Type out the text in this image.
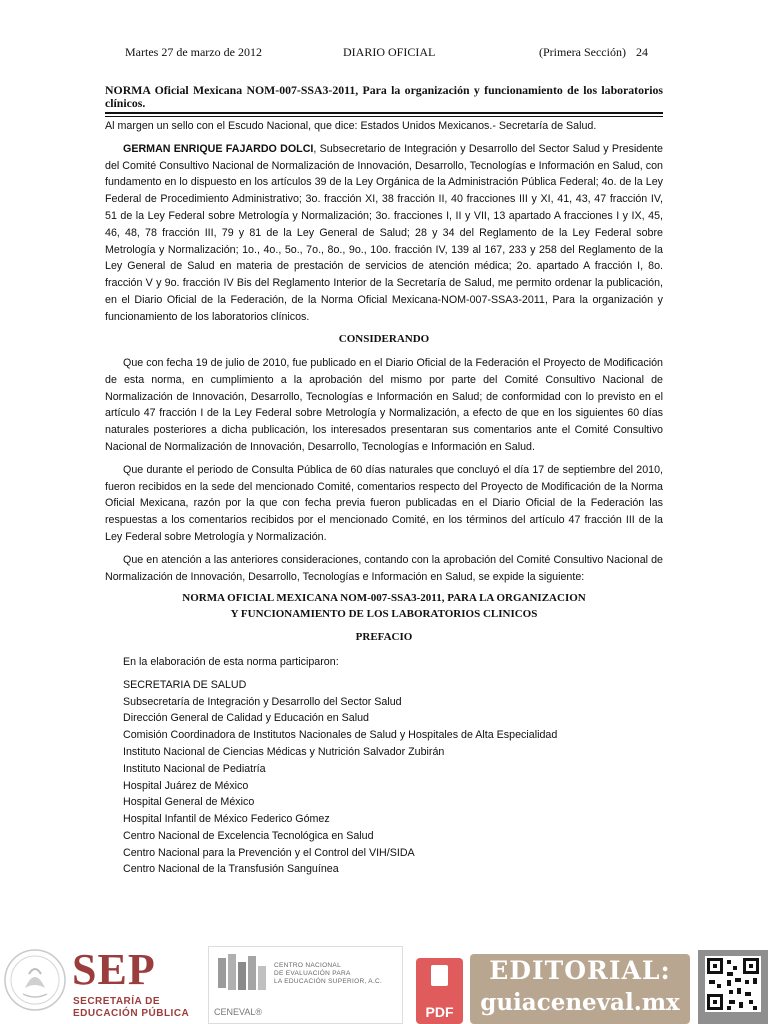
Martes 27 de marzo de 2012	DIARIO OFICIAL	(Primera Sección) 24
NORMA Oficial Mexicana NOM-007-SSA3-2011, Para la organización y funcionamiento de los laboratorios clínicos.

Al margen un sello con el Escudo Nacional, que dice: Estados Unidos Mexicanos.- Secretaría de Salud.

GERMAN ENRIQUE FAJARDO DOLCI, Subsecretario de Integración y Desarrollo del Sector Salud y Presidente del Comité Consultivo Nacional de Normalización de Innovación, Desarrollo, Tecnologías e Información en Salud, con fundamento en lo dispuesto en los artículos 39 de la Ley Orgánica de la Administración Pública Federal; 4o. de la Ley Federal de Procedimiento Administrativo; 3o. fracción XI, 38 fracción II, 40 fracciones III y XI, 41, 43, 47 fracción IV, 51 de la Ley Federal sobre Metrología y Normalización; 3o. fracciones I, II y VII, 13 apartado A fracciones I y IX, 45, 46, 48, 78 fracción III, 79 y 81 de la Ley General de Salud; 28 y 34 del Reglamento de la Ley Federal sobre Metrología y Normalización; 1o., 4o., 5o., 7o., 8o., 9o., 10o. fracción IV, 139 al 167, 233 y 258 del Reglamento de la Ley General de Salud en materia de prestación de servicios de atención médica; 2o. apartado A fracción I, 8o. fracción V y 9o. fracción IV Bis del Reglamento Interior de la Secretaría de Salud, me permito ordenar la publicación, en el Diario Oficial de la Federación, de la Norma Oficial Mexicana-NOM-007-SSA3-2011, Para la organización y funcionamiento de los laboratorios clínicos.

CONSIDERANDO

Que con fecha 19 de julio de 2010, fue publicado en el Diario Oficial de la Federación el Proyecto de Modificación de esta norma, en cumplimiento a la aprobación del mismo por parte del Comité Consultivo Nacional de Normalización de Innovación, Desarrollo, Tecnologías e Información en Salud; de conformidad con lo previsto en el artículo 47 fracción I de la Ley Federal sobre Metrología y Normalización, a efecto de que en los siguientes 60 días naturales posteriores a dicha publicación, los interesados presentaran sus comentarios ante el Comité Consultivo Nacional de Normalización de Innovación, Desarrollo, Tecnologías e Información en Salud.

Que durante el periodo de Consulta Pública de 60 días naturales que concluyó el día 17 de septiembre del 2010, fueron recibidos en la sede del mencionado Comité, comentarios respecto del Proyecto de Modificación de la Norma Oficial Mexicana, razón por la que con fecha previa fueron publicadas en el Diario Oficial de la Federación las respuestas a los comentarios recibidos por el mencionado Comité, en los términos del artículo 47 fracción III de la Ley Federal sobre Metrología y Normalización.

Que en atención a las anteriores consideraciones, contando con la aprobación del Comité Consultivo Nacional de Normalización de Innovación, Desarrollo, Tecnologías e Información en Salud, se expide la siguiente:

NORMA OFICIAL MEXICANA NOM-007-SSA3-2011, PARA LA ORGANIZACION
Y FUNCIONAMIENTO DE LOS LABORATORIOS CLINICOS
PREFACIO

En la elaboración de esta norma participaron:

SECRETARIA DE SALUD
Subsecretaría de Integración y Desarrollo del Sector Salud
Dirección General de Calidad y Educación en Salud
Comisión Coordinadora de Institutos Nacionales de Salud y Hospitales de Alta Especialidad
Instituto Nacional de Ciencias Médicas y Nutrición Salvador Zubirán
Instituto Nacional de Pediatría
Hospital Juárez de México
Hospital General de México
Hospital Infantil de México Federico Gómez
Centro Nacional de Excelencia Tecnológica en Salud
Centro Nacional para la Prevención y el Control del VIH/SIDA
Centro Nacional de la Transfusión Sanguínea
SEP
SECRETARÍA DE
EDUCACIÓN PÚBLICA
CENTRO NACIONAL
DE EVALUACIÓN PARA
LA EDUCACIÓN SUPERIOR, A.C.
CENEVAL®	PDF
EDITORIAL:
guiaceneval.mx
